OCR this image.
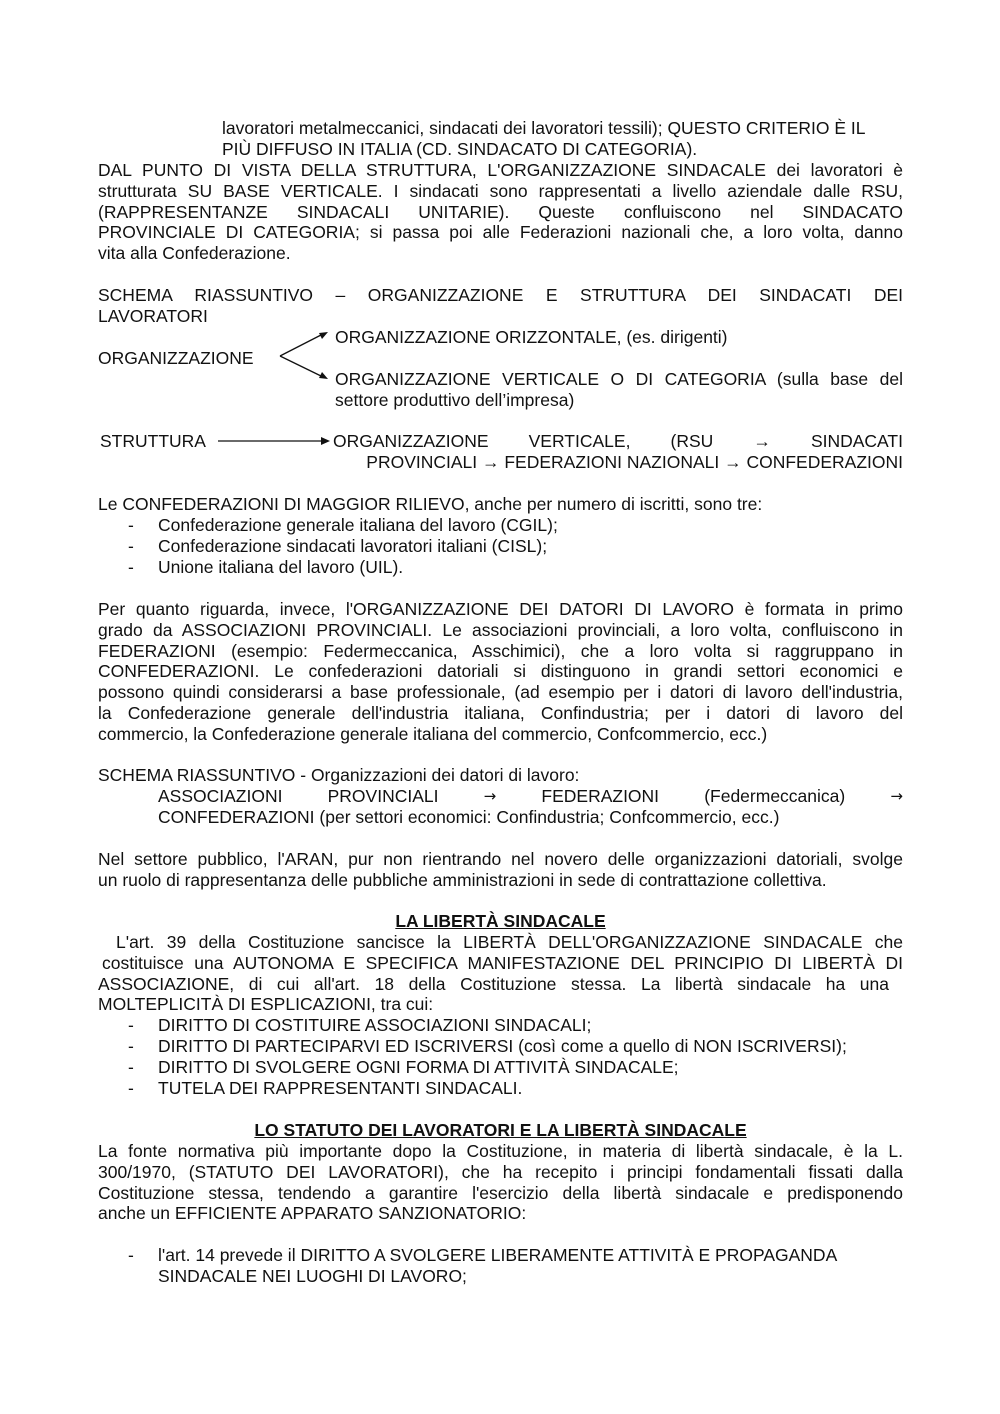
lavoratori metalmeccanici, sindacati dei lavoratori tessili); QUESTO CRITERIO È IL

PIÙ DIFFUSO IN ITALIA (CD. SINDACATO DI CATEGORIA).

DAL PUNTO DI VISTA DELLA STRUTTURA, L'ORGANIZZAZIONE SINDACALE dei lavoratori è

strutturata SU BASE VERTICALE. I sindacati sono rappresentati a livello aziendale dalle RSU,

(RAPPRESENTANZE SINDACALI UNITARIE). Queste confluiscono nel SINDACATO

PROVINCIALE DI CATEGORIA; si passa poi alle Federazioni nazionali che, a loro volta, danno

vita alla Confederazione.

SCHEMA RIASSUNTIVO – ORGANIZZAZIONE E STRUTTURA DEI SINDACATI DEI

LAVORATORI

ORGANIZZAZIONE ORIZZONTALE, (es. dirigenti)

ORGANIZZAZIONE

ORGANIZZAZIONE VERTICALE O DI CATEGORIA (sulla base del

settore produttivo dell’impresa)

STRUTTURA	ORGANIZZAZIONE VERTICALE, (RSU → SINDACATI

PROVINCIALI → FEDERAZIONI NAZIONALI → CONFEDERAZIONI

Le CONFEDERAZIONI DI MAGGIOR RILIEVO, anche per numero di iscritti, sono tre:

- Confederazione generale italiana del lavoro (CGIL);

- Confederazione sindacati lavoratori italiani (CISL);

- Unione italiana del lavoro (UIL).

Per quanto riguarda, invece, l'ORGANIZZAZIONE DEI DATORI DI LAVORO è formata in primo

grado da ASSOCIAZIONI PROVINCIALI. Le associazioni provinciali, a loro volta, confluiscono in

FEDERAZIONI (esempio: Federmeccanica, Asschimici), che a loro volta si raggruppano in

CONFEDERAZIONI. Le confederazioni datoriali si distinguono in grandi settori economici e

possono quindi considerarsi a base professionale, (ad esempio per i datori di lavoro dell'industria,

la Confederazione generale dell'industria italiana, Confindustria; per i datori di lavoro del

commercio, la Confederazione generale italiana del commercio, Confcommercio, ecc.)

SCHEMA RIASSUNTIVO - Organizzazioni dei datori di lavoro:

ASSOCIAZIONI	PROVINCIALI	→	FEDERAZIONI	(Federmeccanica)	→

CONFEDERAZIONI (per settori economici: Confindustria; Confcommercio, ecc.)

Nel settore pubblico, l'ARAN, pur non rientrando nel novero delle organizzazioni datoriali, svolge

un ruolo di rappresentanza delle pubbliche amministrazioni in sede di contrattazione collettiva.

LA LIBERTÀ SINDACALE

L'art. 39 della Costituzione sancisce la LIBERTÀ DELL'ORGANIZZAZIONE SINDACALE che

costituisce una AUTONOMA E SPECIFICA MANIFESTAZIONE DEL PRINCIPIO DI LIBERTÀ DI

ASSOCIAZIONE, di cui all'art. 18 della Costituzione stessa. La libertà sindacale ha una

MOLTEPLICITÀ DI ESPLICAZIONI, tra cui:

- DIRITTO DI COSTITUIRE ASSOCIAZIONI SINDACALI;

- DIRITTO DI PARTECIPARVI ED ISCRIVERSI (così come a quello di NON ISCRIVERSI);

- DIRITTO DI SVOLGERE OGNI FORMA DI ATTIVITÀ SINDACALE;

- TUTELA DEI RAPPRESENTANTI SINDACALI.

LO STATUTO DEI LAVORATORI E LA LIBERTÀ SINDACALE

La fonte normativa più importante dopo la Costituzione, in materia di libertà sindacale, è la L.

300/1970, (STATUTO DEI LAVORATORI), che ha recepito i principi fondamentali fissati dalla

Costituzione stessa, tendendo a garantire l'esercizio della libertà sindacale e predisponendo

anche un EFFICIENTE APPARATO SANZIONATORIO:

- l'art. 14 prevede il DIRITTO A SVOLGERE LIBERAMENTE ATTIVITÀ E PROPAGANDA

SINDACALE NEI LUOGHI DI LAVORO;
